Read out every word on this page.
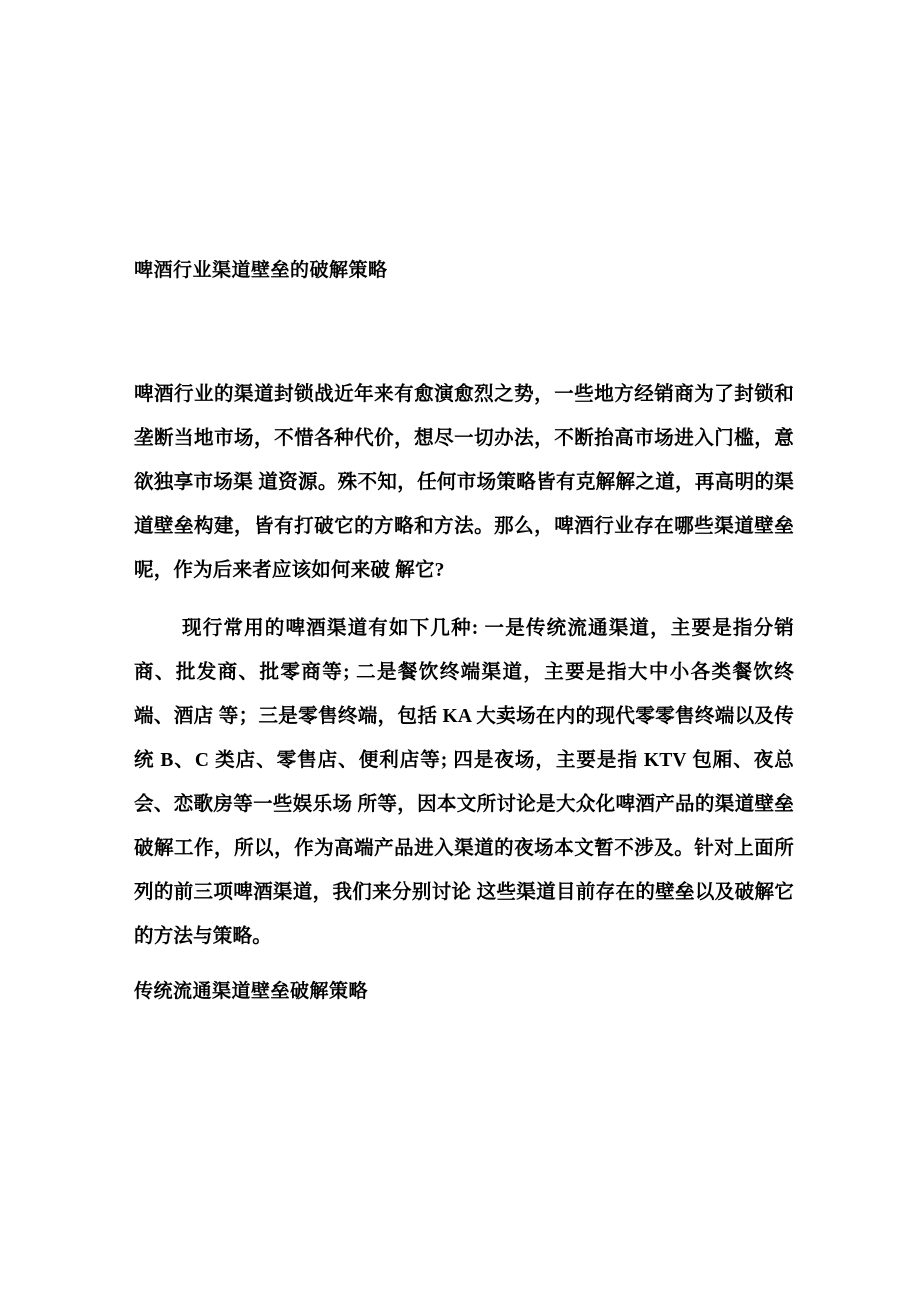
啤酒行业渠道壁垒的破解策略

啤酒行业的渠道封锁战近年来有愈演愈烈之势，一些地方经销商为了封锁和垄断当地市场，不惜各种代价，想尽一切办法，不断抬高市场进入门槛，意欲独享市场渠 道资源。殊不知，任何市场策略皆有克解解之道，再高明的渠道壁垒构建，皆有打破它的方略和方法。那么，啤酒行业存在哪些渠道壁垒呢，作为后来者应该如何来破 解它?

现行常用的啤酒渠道有如下几种: 一是传统流通渠道，主要是指分销商、批发商、批零商等; 二是餐饮终端渠道，主要是指大中小各类餐饮终端、酒店 等；三是零售终端，包括 KA 大卖场在内的现代零零售终端以及传统 B、C 类店、零售店、便利店等; 四是夜场，主要是指 KTV 包厢、夜总会、恋歌房等一些娱乐场 所等，因本文所讨论是大众化啤酒产品的渠道壁垒破解工作，所以，作为高端产品进入渠道的夜场本文暂不涉及。针对上面所列的前三项啤酒渠道，我们来分别讨论 这些渠道目前存在的壁垒以及破解它的方法与策略。

传统流通渠道壁垒破解策略
